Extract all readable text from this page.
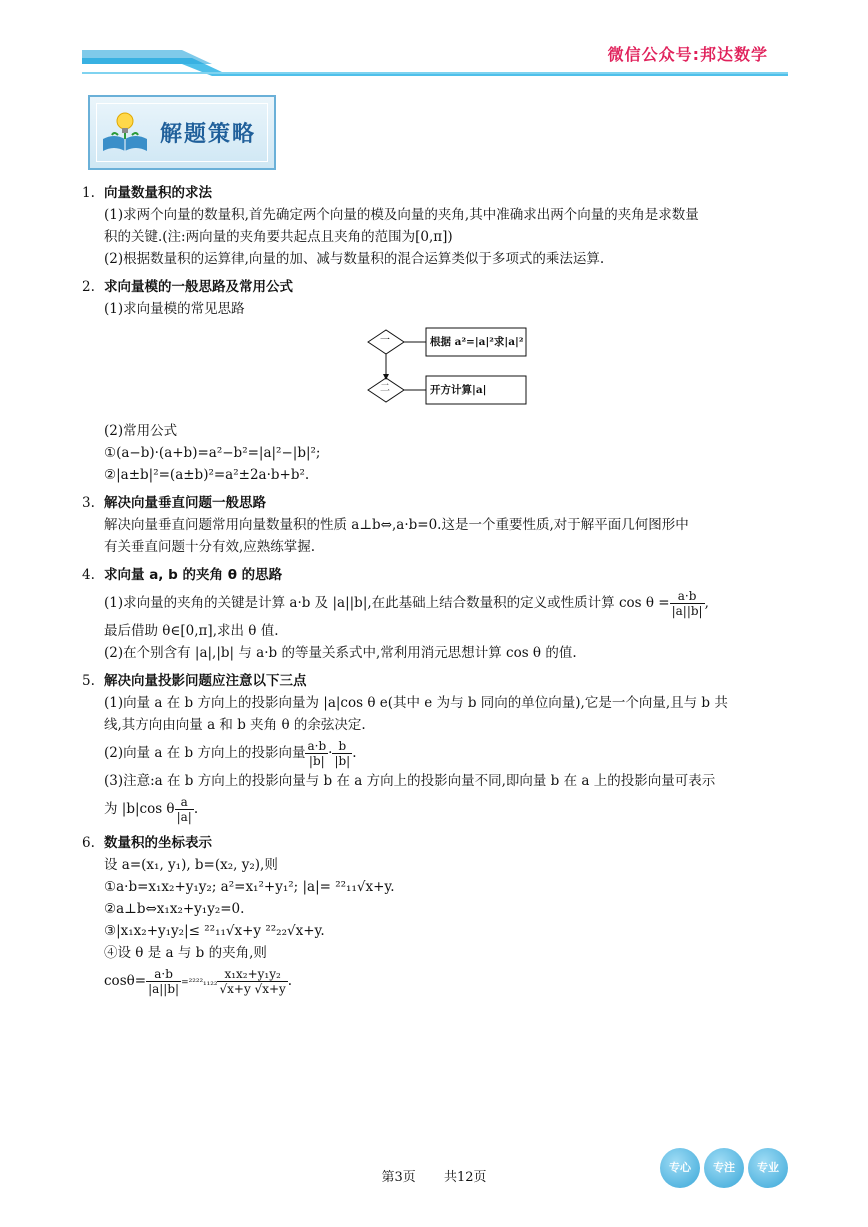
微信公众号:邦达数学
解题策略
1. 向量数量积的求法
(1)求两个向量的数量积,首先确定两个向量的模及向量的夹角,其中准确求出两个向量的夹角是求数量
积的关键.(注:两向量的夹角要共起点且夹角的范围为[0,π])
(2)根据数量积的运算律,向量的加、减与数量积的混合运算类似于多项式的乘法运算.
2. 求向量模的一般思路及常用公式
(1)求向量模的常见思路
一
二
根据 a²=|a|²求|a|²
开方计算|a|
(2)常用公式
①(a−b)·(a+b)=a²−b²=|a|²−|b|²;
②|a±b|²=(a±b)²=a²±2a·b+b².
3. 解决向量垂直问题一般思路
解决向量垂直问题常用向量数量积的性质 a⊥b⇔,a·b=0.这是一个重要性质,对于解平面几何图形中
有关垂直问题十分有效,应熟练掌握.
4. 求向量 a, b 的夹角 θ 的思路
(1)求向量的夹角的关键是计算 a·b 及 |a||b|,在此基础上结合数量积的定义或性质计算 $\cos \theta = \frac{a\cdot b}{|a||b|}$ ,
最后借助 θ∈[0,π],求出 θ 值.
(2)在个别含有 |a|,|b| 与 a·b 的等量关系式中,常利用消元思想计算 cos θ 的值.
5. 解决向量投影问题应注意以下三点
(1)向量 a 在 b 方向上的投影向量为 |a|cos θ e(其中 e 为与 b 同向的单位向量),它是一个向量,且与 b 共
线,其方向由向量 a 和 b 夹角 θ 的余弦决定.
(2)向量 a 在 b 方向上的投影向量 $\frac{a\cdot b}{|b|} \cdot \frac{b}{|b|}$ .
(3)注意:a 在 b 方向上的投影向量与 b 在 a 方向上的投影向量不同,即向量 b 在 a 上的投影向量可表示
为 |b|cos θ $\frac{a}{|a|}$ .
6. 数量积的坐标表示
设 a=(x₁, y₁), b=(x₂, y₂),则
①a·b=x₁x₂+y₁y₂; a²=x₁²+y₁²; |a|= ²²₁₁√x+y.
②a⊥b⇔x₁x₂+y₁y₂=0.
③|x₁x₂+y₁y₂|≤ ²²₁₁√x+y ²²₂₂√x+y.
④设 θ 是 a 与 b 的夹角,则
$\cos\theta= \frac{a\cdot b}{|a||b|} =^{2222}_{1122} \frac{\text{x₁x₂+y₁y₂}}{√x+y √x+y}$ .
第3页 共12页
专心 专注 专业
